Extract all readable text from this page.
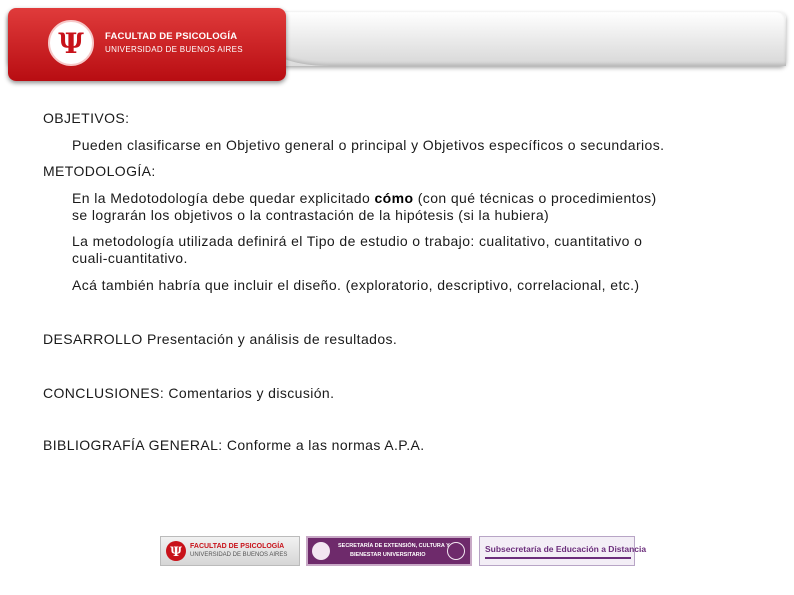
Ψ FACULTAD DE PSICOLOGÍA
UNIVERSIDAD DE BUENOS AIRES
OBJETIVOS:
Pueden clasificarse en Objetivo general o principal y Objetivos específicos o secundarios.
METODOLOGÍA:
En la Medotodología debe quedar explicitado cómo (con qué técnicas o procedimientos)
se lograrán los objetivos o la contrastación de la hipótesis (si la hubiera)
La metodología utilizada definirá el Tipo de estudio o trabajo: cualitativo, cuantitativo o
cuali-cuantitativo.
Acá también habría que incluir el diseño. (exploratorio, descriptivo, correlacional, etc.)
DESARROLLO Presentación y análisis de resultados.
CONCLUSIONES: Comentarios y discusión.
BIBLIOGRAFÍA GENERAL: Conforme a las normas A.P.A.
Ψ FACULTAD DE PSICOLOGÍA
UNIVERSIDAD DE BUENOS AIRES
SECRETARÍA DE EXTENSIÓN, CULTURA Y
BIENESTAR UNIVERSITARIO
Subsecretaría de Educación a Distancia
